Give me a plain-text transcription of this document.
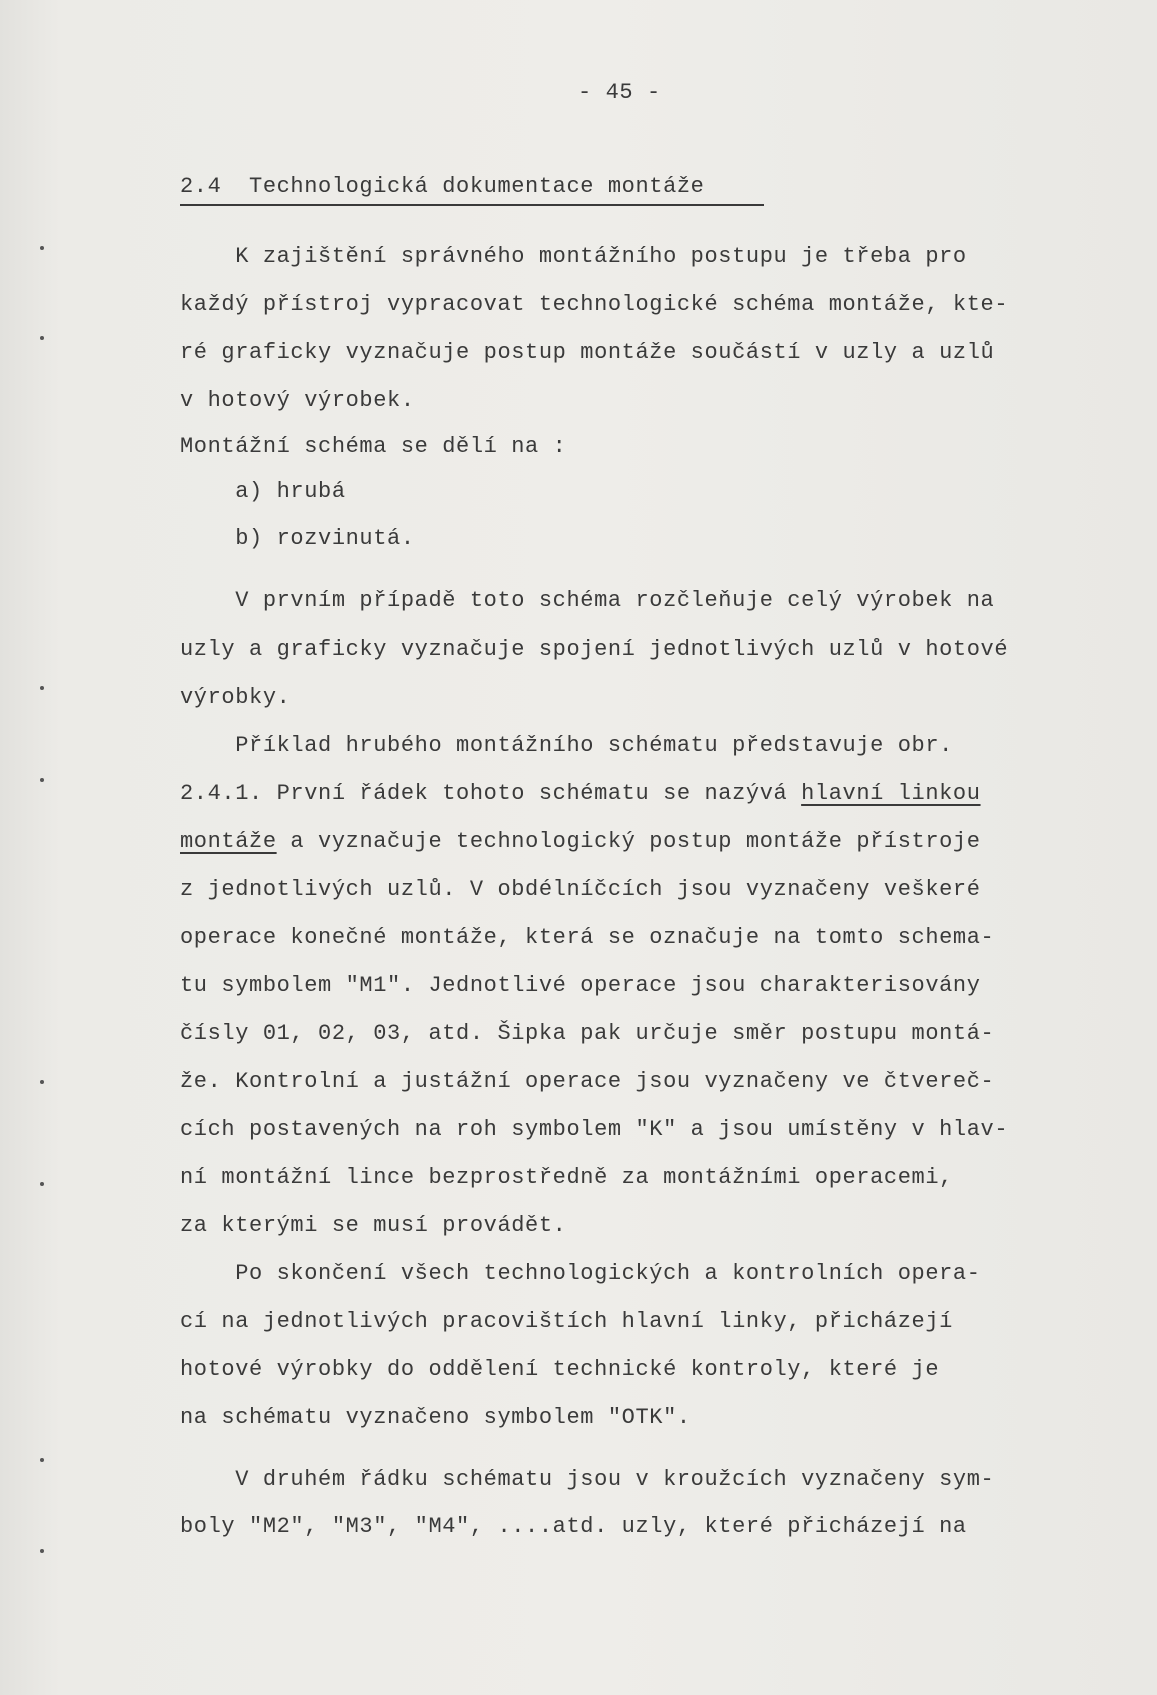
- 45 -
2.4  Technologická dokumentace montáže
K zajištění správného montážního postupu je třeba pro
každý přístroj vypracovat technologické schéma montáže, kte-
ré graficky vyznačuje postup montáže součástí v uzly a uzlů
v hotový výrobek.
Montážní schéma se dělí na :
a) hrubá
b) rozvinutá.
V prvním případě toto schéma rozčleňuje celý výrobek na
uzly a graficky vyznačuje spojení jednotlivých uzlů v hotové
výrobky.
Příklad hrubého montážního schématu představuje obr.
2.4.1. První řádek tohoto schématu se nazývá hlavní linkou
montáže a vyznačuje technologický postup montáže přístroje
z jednotlivých uzlů. V obdélníčcích jsou vyznačeny veškeré
operace konečné montáže, která se označuje na tomto schema-
tu symbolem "M1". Jednotlivé operace jsou charakterisovány
čísly 01, 02, 03, atd. Šipka pak určuje směr postupu montá-
že. Kontrolní a justážní operace jsou vyznačeny ve čtvereč-
cích postavených na roh symbolem "K" a jsou umístěny v hlav-
ní montážní lince bezprostředně za montážními operacemi,
za kterými se musí provádět.
Po skončení všech technologických a kontrolních opera-
cí na jednotlivých pracovištích hlavní linky, přicházejí
hotové výrobky do oddělení technické kontroly, které je
na schématu vyznačeno symbolem "OTK".
V druhém řádku schématu jsou v kroužcích vyznačeny sym-
boly "M2", "M3", "M4", ....atd. uzly, které přicházejí na
